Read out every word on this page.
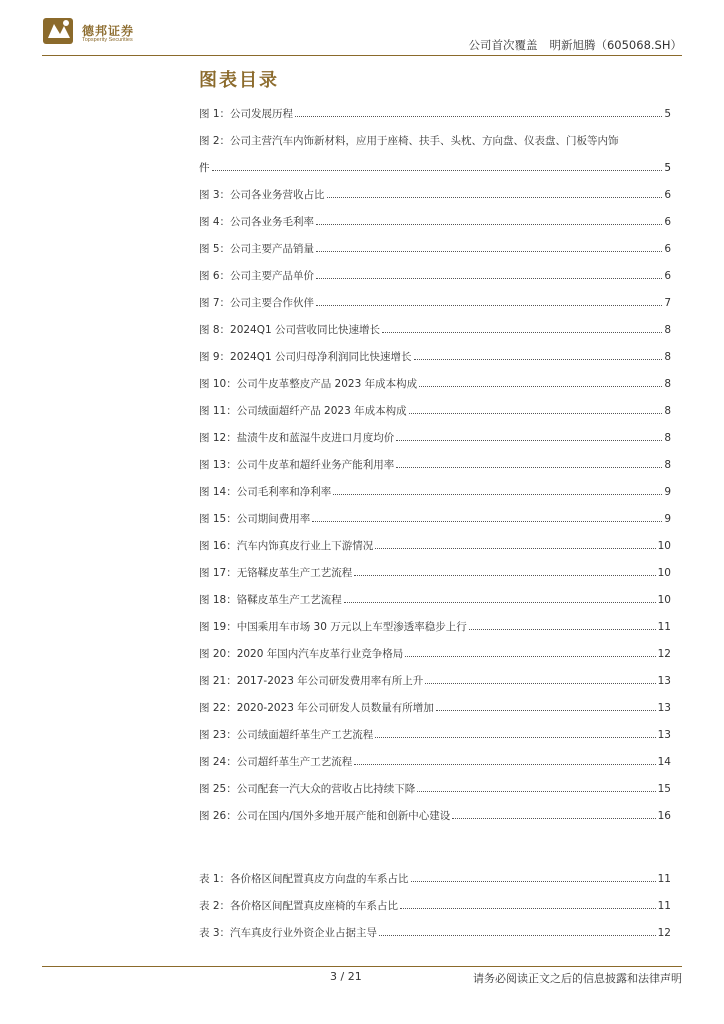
德邦证券
Topsperity Securities	公司首次覆盖 明新旭腾（605068.SH）
图表目录
图 1：公司发展历程	5
图 2：公司主营汽车内饰新材料，应用于座椅、扶手、头枕、方向盘、仪表盘、门板等内饰
件	5
图 3：公司各业务营收占比	6
图 4：公司各业务毛利率	6
图 5：公司主要产品销量	6
图 6：公司主要产品单价	6
图 7：公司主要合作伙伴	7
图 8：2024Q1 公司营收同比快速增长	8
图 9：2024Q1 公司归母净利润同比快速增长	8
图 10：公司牛皮革整皮产品 2023 年成本构成	8
图 11：公司绒面超纤产品 2023 年成本构成	8
图 12：盐渍牛皮和蓝湿牛皮进口月度均价	8
图 13：公司牛皮革和超纤业务产能利用率	8
图 14：公司毛利率和净利率	9
图 15：公司期间费用率	9
图 16：汽车内饰真皮行业上下游情况	10
图 17：无铬鞣皮革生产工艺流程	10
图 18：铬鞣皮革生产工艺流程	10
图 19：中国乘用车市场 30 万元以上车型渗透率稳步上行	11
图 20：2020 年国内汽车皮革行业竞争格局	12
图 21：2017-2023 年公司研发费用率有所上升	13
图 22：2020-2023 年公司研发人员数量有所增加	13
图 23：公司绒面超纤革生产工艺流程	13
图 24：公司超纤革生产工艺流程	14
图 25：公司配套一汽大众的营收占比持续下降	15
图 26：公司在国内/国外多地开展产能和创新中心建设	16
表 1：各价格区间配置真皮方向盘的车系占比	11
表 2：各价格区间配置真皮座椅的车系占比	11
表 3：汽车真皮行业外资企业占据主导	12
3 / 21	请务必阅读正文之后的信息披露和法律声明
